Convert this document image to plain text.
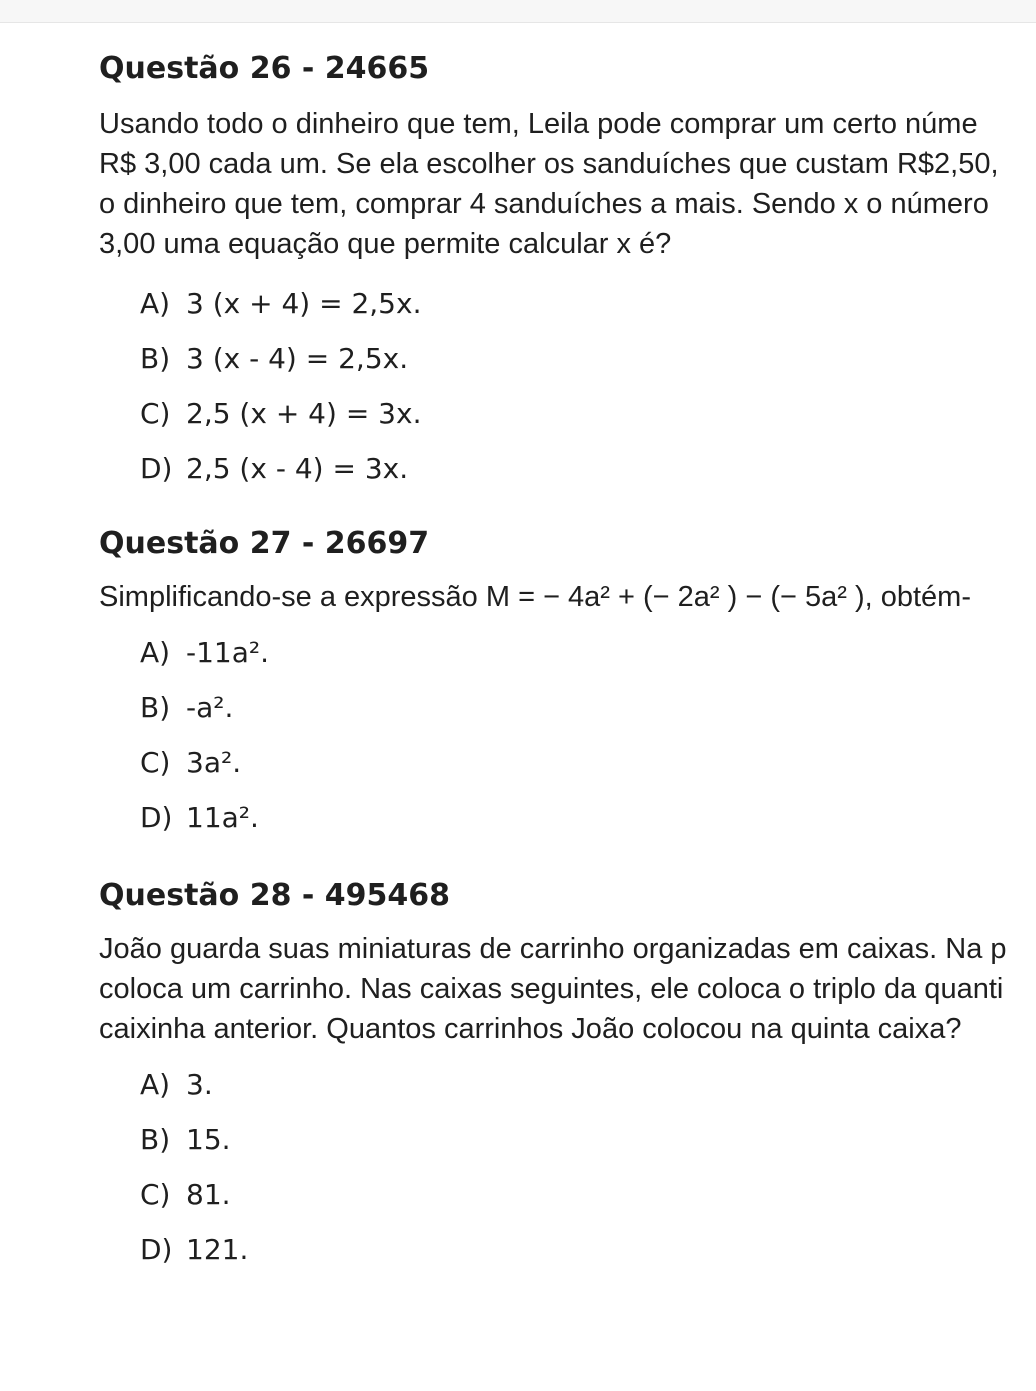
Questão 26 - 24665

Usando todo o dinheiro que tem, Leila pode comprar um certo núme
R$ 3,00 cada um. Se ela escolher os sanduíches que custam R$2,50,
o dinheiro que tem, comprar 4 sanduíches a mais. Sendo x o número
3,00 uma equação que permite calcular x é?

A) 3 (x + 4) = 2,5x.
B) 3 (x - 4) = 2,5x.
C) 2,5 (x + 4) = 3x.
D) 2,5 (x - 4) = 3x.
Questão 27 - 26697

Simplificando-se a expressão M = − 4a² + (− 2a² ) − (− 5a² ), obtém-

A) -11a².
B) -a².
C) 3a².
D) 11a².
Questão 28 - 495468

João guarda suas miniaturas de carrinho organizadas em caixas. Na p
coloca um carrinho. Nas caixas seguintes, ele coloca o triplo da quanti
caixinha anterior. Quantos carrinhos João colocou na quinta caixa?

A) 3.
B) 15.
C) 81.
D) 121.
